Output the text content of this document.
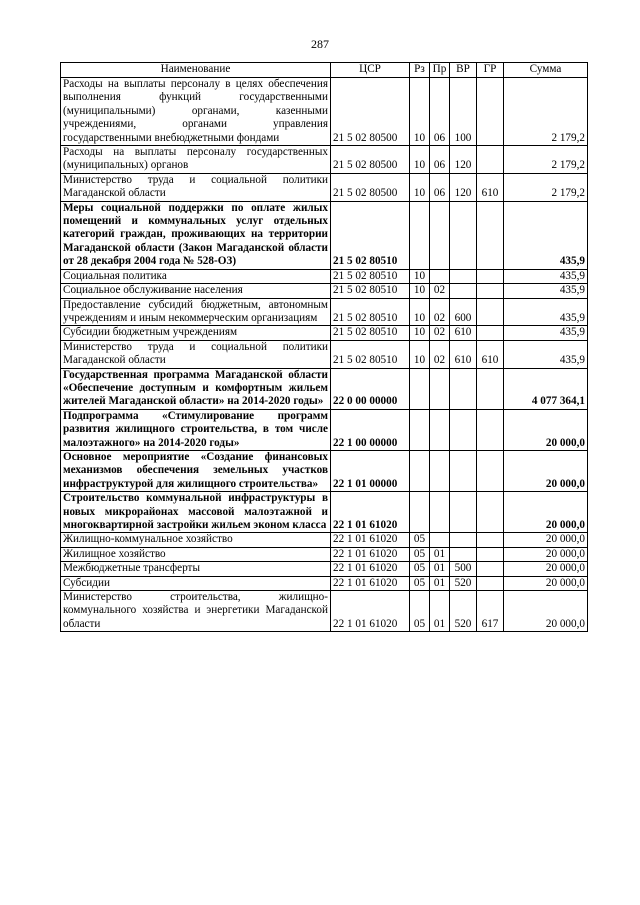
287
Наименование	ЦСР	Рз	Пр	ВР	ГР	Сумма
Расходы на выплаты персоналу в целях обеспечения выполнения функций государственными (муниципальными) органами, казенными учреждениями, органами управления государственными внебюджетными фондами	21 5 02 80500	10	06	100		2 179,2
Расходы на выплаты персоналу государственных (муниципальных) органов	21 5 02 80500	10	06	120		2 179,2
Министерство труда и социальной политики Магаданской области	21 5 02 80500	10	06	120	610	2 179,2
Меры социальной поддержки по оплате жилых помещений и коммунальных услуг отдельных категорий граждан, проживающих на территории Магаданской области (Закон Магаданской области от 28 декабря 2004 года № 528-ОЗ)	21 5 02 80510					435,9
Социальная политика	21 5 02 80510	10				435,9
Социальное обслуживание населения	21 5 02 80510	10	02			435,9
Предоставление субсидий бюджетным, автономным учреждениям и иным некоммерческим организациям	21 5 02 80510	10	02	600		435,9
Субсидии бюджетным учреждениям	21 5 02 80510	10	02	610		435,9
Министерство труда и социальной политики Магаданской области	21 5 02 80510	10	02	610	610	435,9
Государственная программа Магаданской области «Обеспечение доступным и комфортным жильем жителей Магаданской области» на 2014-2020 годы»	22 0 00 00000					4 077 364,1
Подпрограмма «Стимулирование программ развития жилищного строительства, в том числе малоэтажного» на 2014-2020 годы»	22 1 00 00000					20 000,0
Основное мероприятие «Создание финансовых механизмов обеспечения земельных участков инфраструктурой для жилищного строительства»	22 1 01 00000					20 000,0
Строительство коммунальной инфраструктуры в новых микрорайонах массовой малоэтажной и многоквартирной застройки жильем эконом класса	22 1 01 61020					20 000,0
Жилищно-коммунальное хозяйство	22 1 01 61020	05				20 000,0
Жилищное хозяйство	22 1 01 61020	05	01			20 000,0
Межбюджетные трансферты	22 1 01 61020	05	01	500		20 000,0
Субсидии	22 1 01 61020	05	01	520		20 000,0
Министерство строительства, жилищно-коммунального хозяйства и энергетики Магаданской области	22 1 01 61020	05	01	520	617	20 000,0
